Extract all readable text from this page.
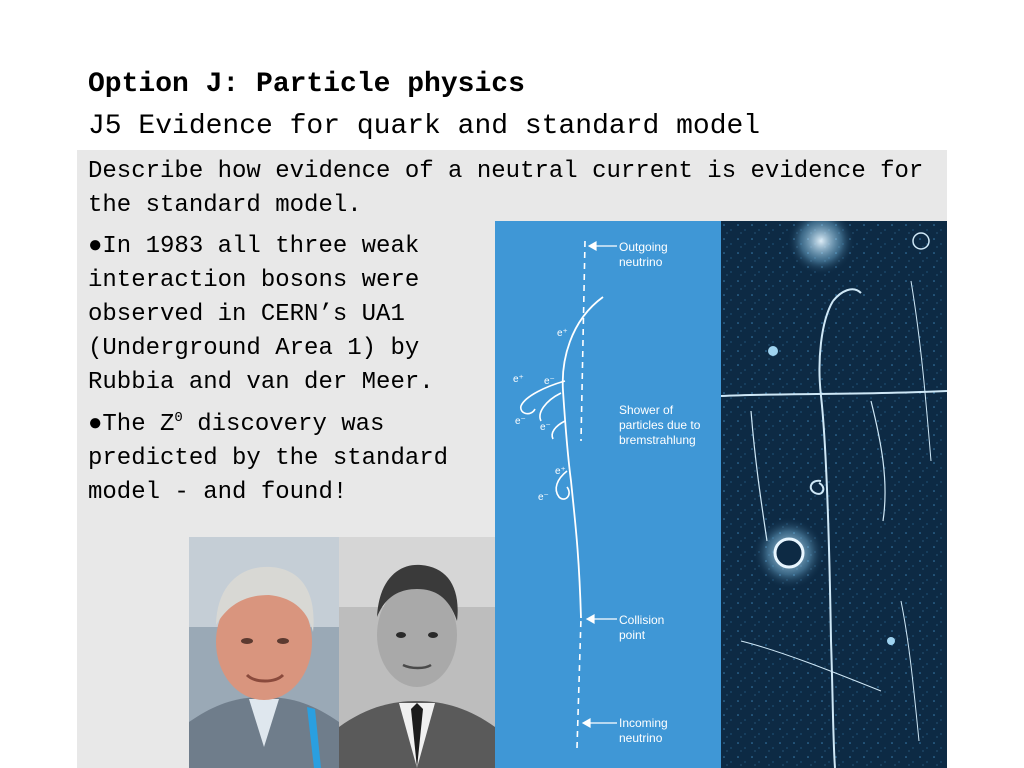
Option J: Particle physics
J5 Evidence for quark and standard model
Describe how evidence of a neutral current is evidence for the standard model.
●In 1983 all three weak interaction bosons were observed in CERN’s UA1 (Underground Area 1) by Rubbia and van der Meer.
●The $Z^0$ discovery was predicted by the standard model - and found!
Outgoing
neutrino
Shower of
particles due to
bremstrahlung
Collision
point
Incoming
neutrino
e⁺
e⁺ e⁻
e⁻
e⁻
e⁺
e⁻
